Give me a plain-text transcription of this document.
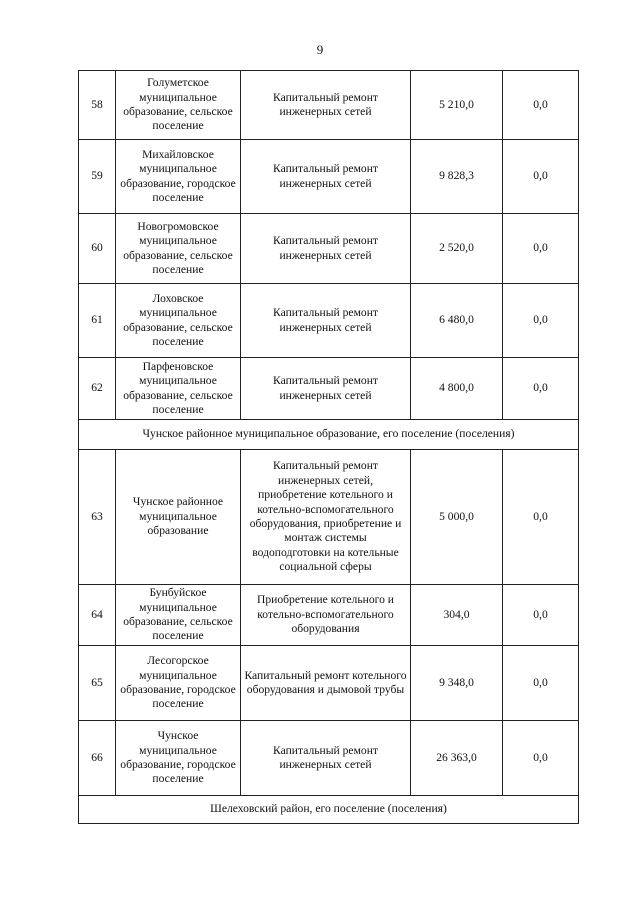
9
58	Голуметское муниципальное образование, сельское поселение	Капитальный ремонт инженерных сетей	5 210,0	0,0
59	Михайловское муниципальное образование, городское поселение	Капитальный ремонт инженерных сетей	9 828,3	0,0
60	Новогромовское муниципальное образование, сельское поселение	Капитальный ремонт инженерных сетей	2 520,0	0,0
61	Лоховское муниципальное образование, сельское поселение	Капитальный ремонт инженерных сетей	6 480,0	0,0
62	Парфеновское муниципальное образование, сельское поселение	Капитальный ремонт инженерных сетей	4 800,0	0,0
Чунское районное муниципальное образование, его поселение (поселения)				
63	Чунское районное муниципальное образование	Капитальный ремонт инженерных сетей, приобретение котельного и котельно-вспомогательного оборудования, приобретение и монтаж системы водоподготовки на котельные социальной сферы	5 000,0	0,0
64	Бунбуйское муниципальное образование, сельское поселение	Приобретение котельного и котельно-вспомогательного оборудования	304,0	0,0
65	Лесогорское муниципальное образование, городское поселение	Капитальный ремонт котельного оборудования и дымовой трубы	9 348,0	0,0
66	Чунское муниципальное образование, городское поселение	Капитальный ремонт инженерных сетей	26 363,0	0,0
Шелеховский район, его поселение (поселения)				
